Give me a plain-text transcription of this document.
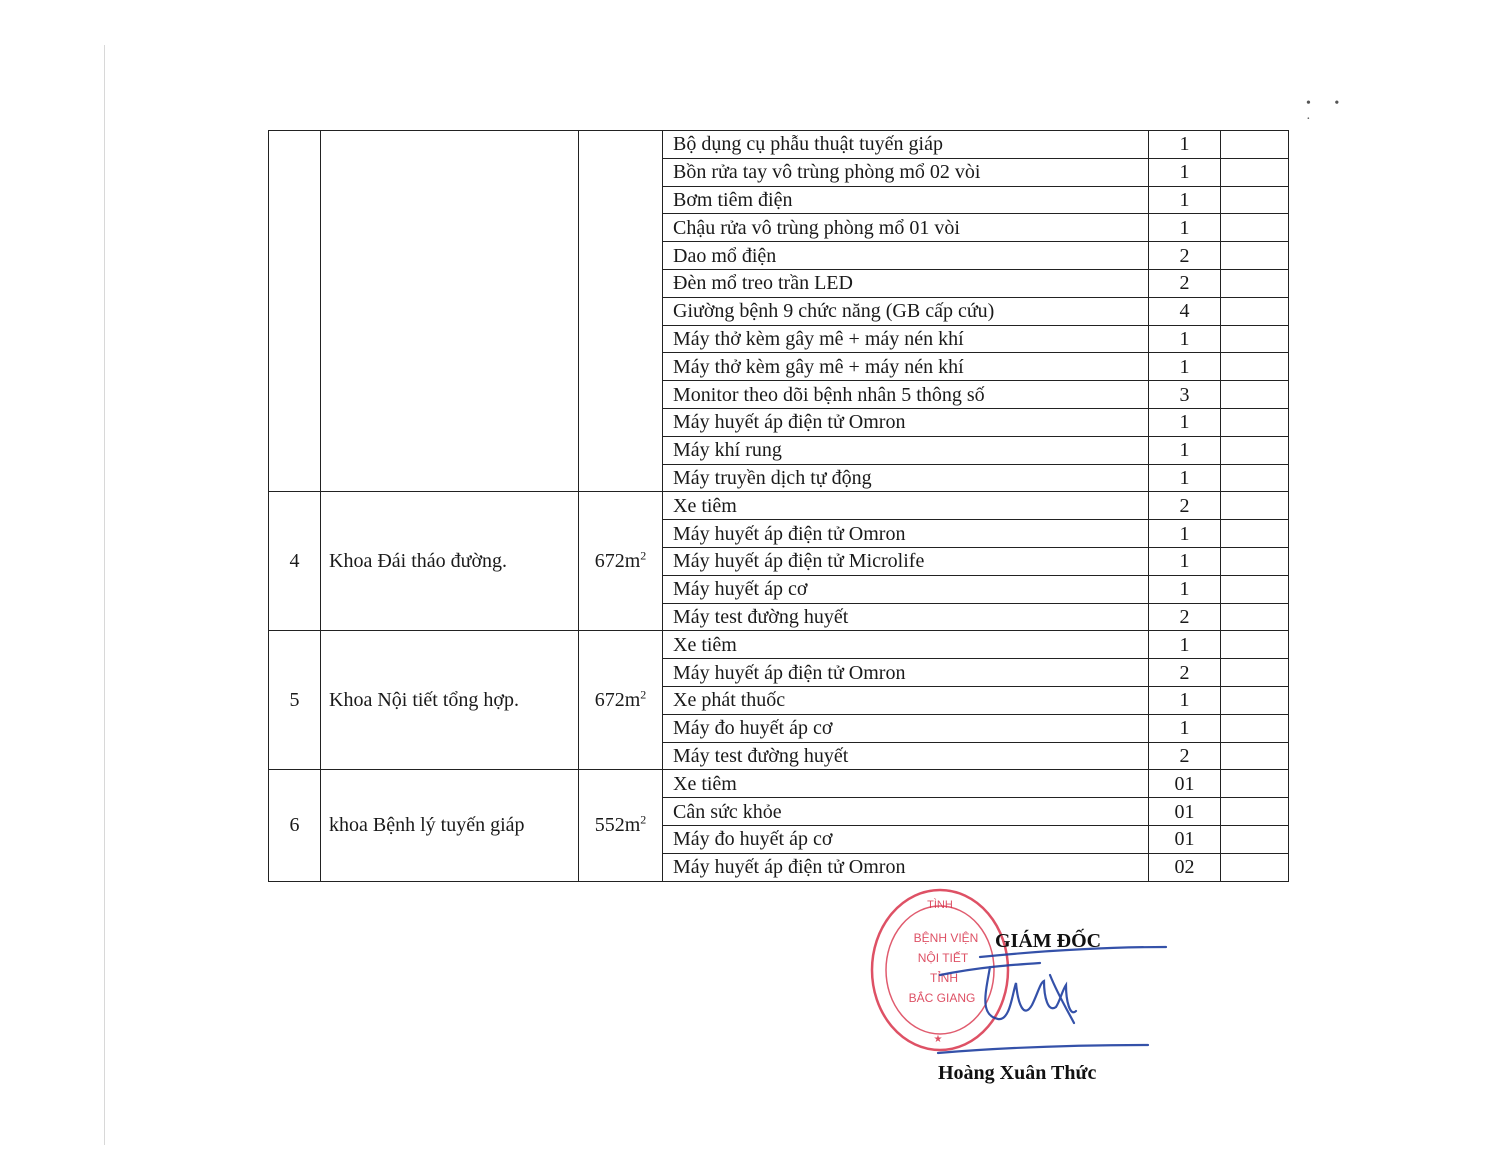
• • ·
			Bộ dụng cụ phẫu thuật tuyến giáp	1	
			Bồn rửa tay vô trùng phòng mổ 02 vòi	1	
			Bơm tiêm điện	1	
			Chậu rửa vô trùng phòng mổ 01 vòi	1	
			Dao mổ điện	2	
			Đèn mổ treo trần LED	2	
			Giường bệnh 9 chức năng (GB cấp cứu)	4	
			Máy thở kèm gây mê + máy nén khí	1	
			Máy thở kèm gây mê + máy nén khí	1	
			Monitor theo dõi bệnh nhân 5 thông số	3	
			Máy huyết áp điện tử Omron	1	
			Máy khí rung	1	
			Máy truyền dịch tự động	1	
4	Khoa Đái tháo đường.	$672m^2$	Xe tiêm	2	
			Máy huyết áp điện tử Omron	1	
			Máy huyết áp điện tử Microlife	1	
			Máy huyết áp cơ	1	
			Máy test đường huyết	2	
5	Khoa Nội tiết tổng hợp.	$672m^2$	Xe tiêm	1	
			Máy huyết áp điện tử Omron	2	
			Xe phát thuốc	1	
			Máy đo huyết áp cơ	1	
			Máy test đường huyết	2	
6	khoa Bệnh lý tuyến giáp	$552m^2$	Xe tiêm	01	
			Cân sức khỏe	01	
			Máy đo huyết áp cơ	01	
			Máy huyết áp điện tử Omron	02	
TÌNH
BỆNH VIỆN
NỘI TIẾT
TỈNH
BẮC GIANG
★
GIÁM ĐỐC
Hoàng Xuân Thức
